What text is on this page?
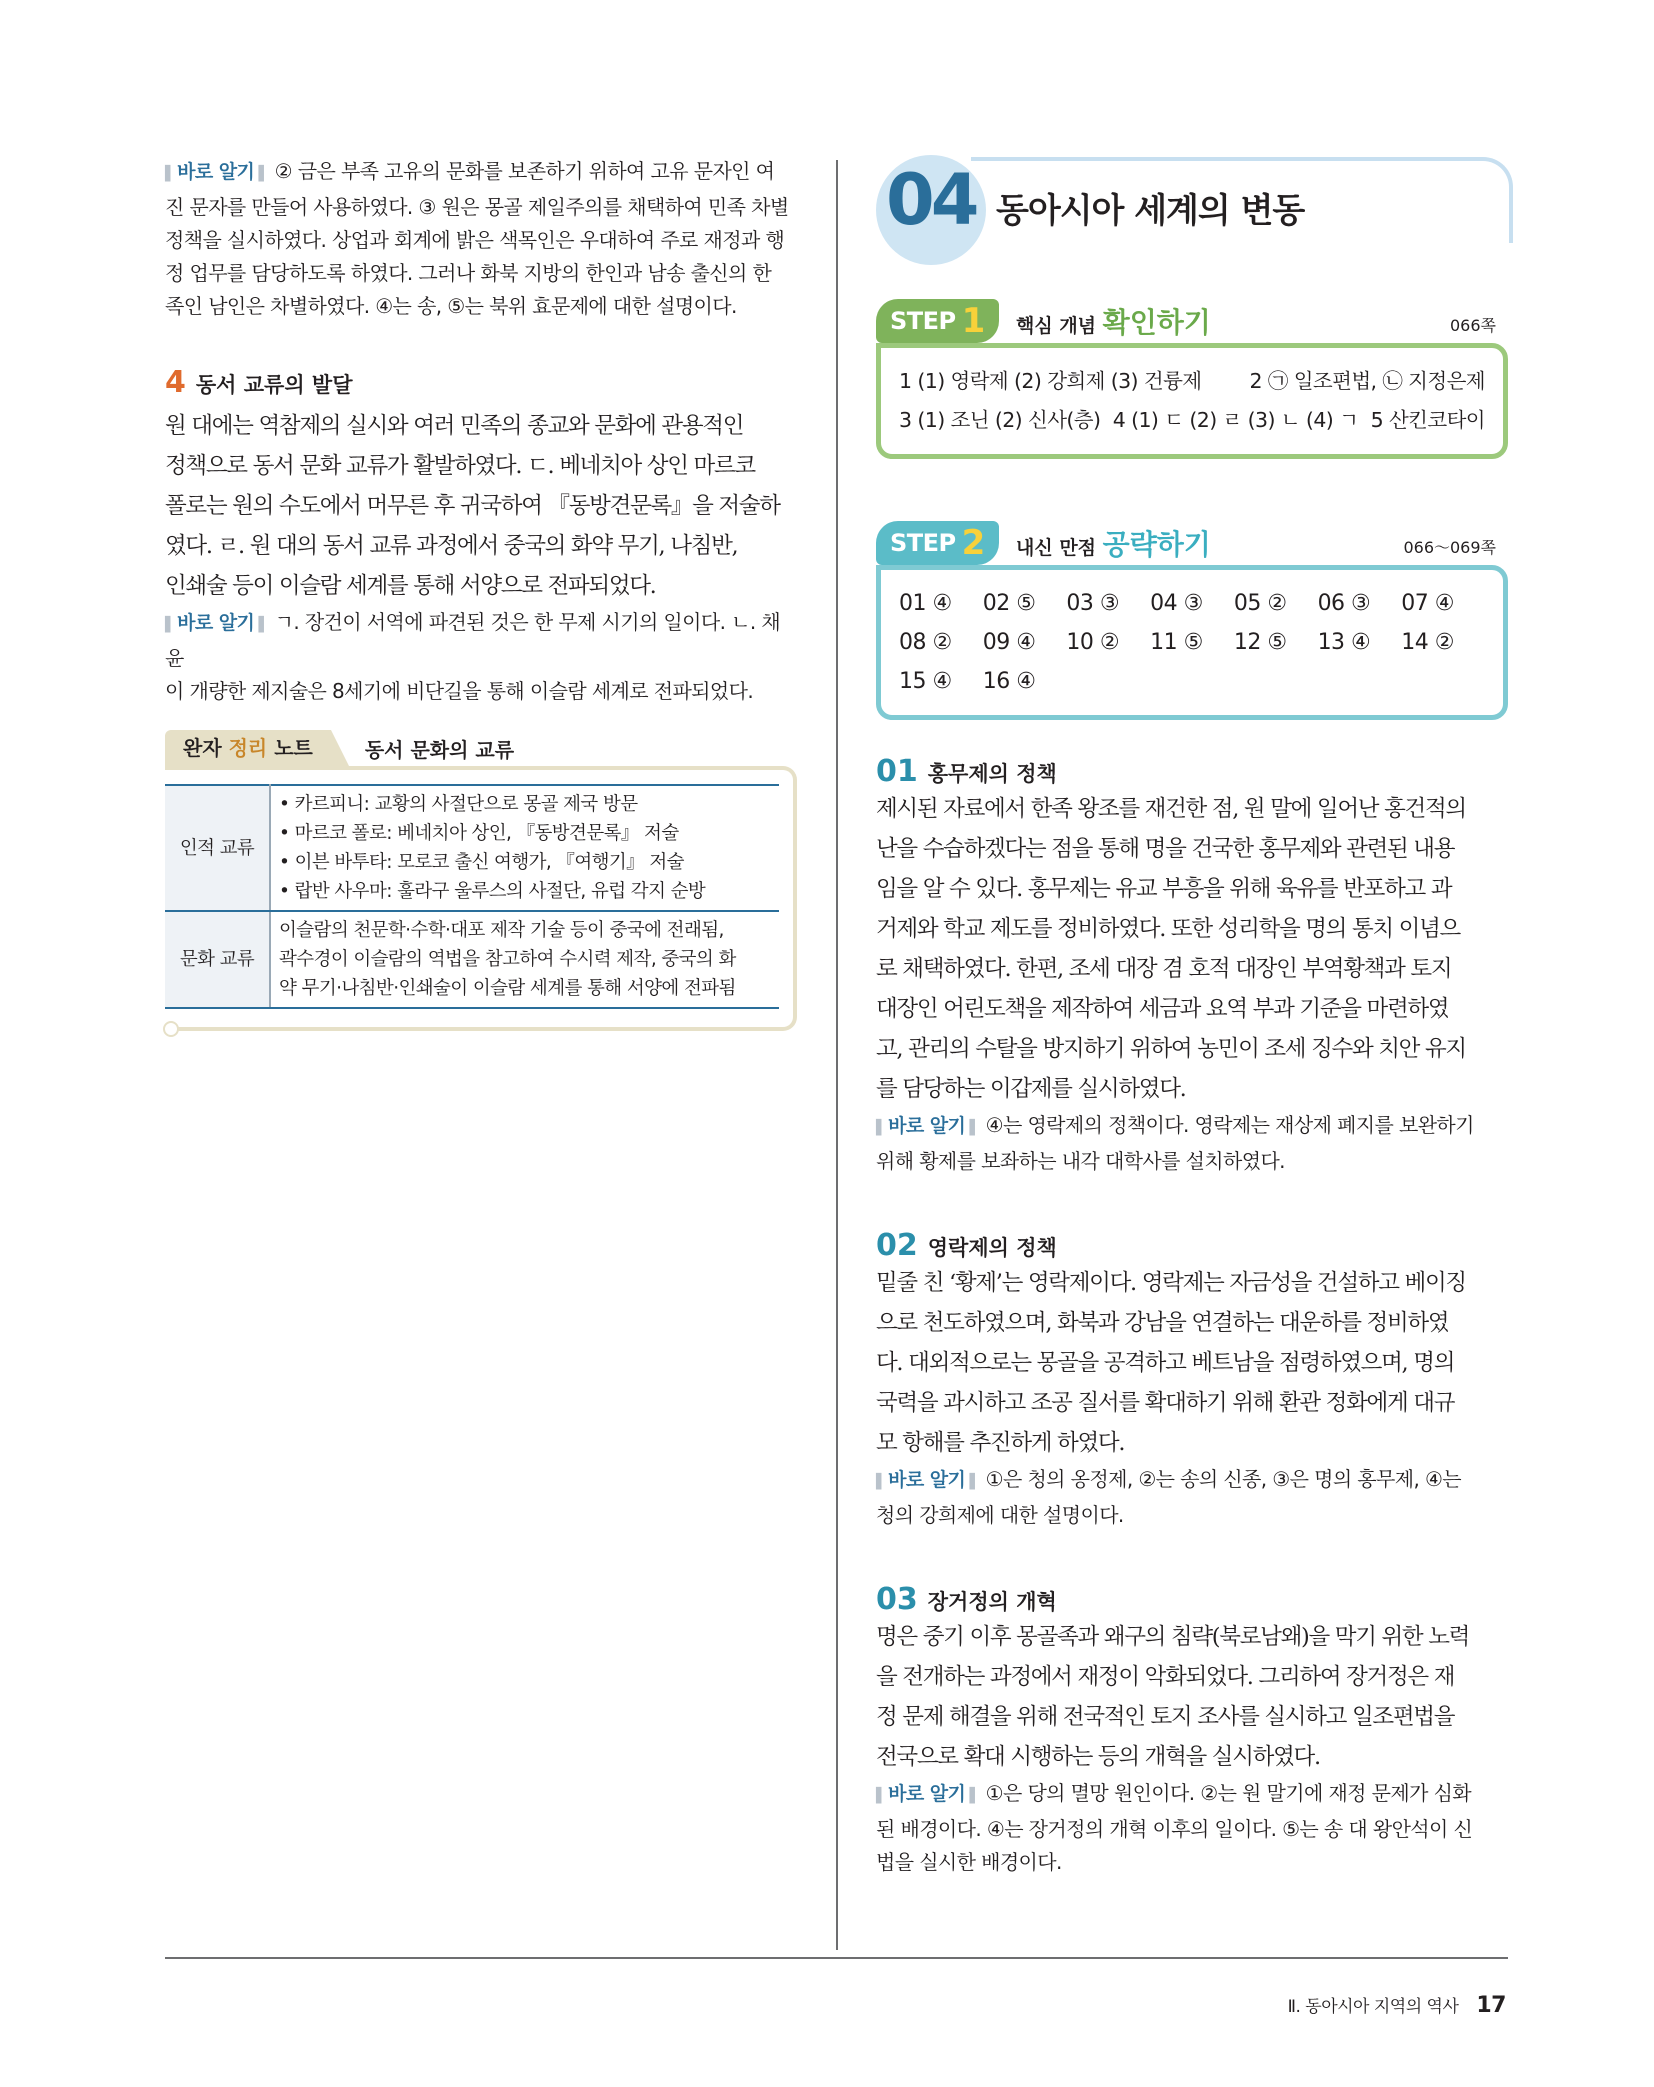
▌ 바로 알기 ▌ ② 금은 부족 고유의 문화를 보존하기 위하여 고유 문자인 여
진 문자를 만들어 사용하였다. ③ 원은 몽골 제일주의를 채택하여 민족 차별
정책을 실시하였다. 상업과 회계에 밝은 색목인은 우대하여 주로 재정과 행
정 업무를 담당하도록 하였다. 그러나 화북 지방의 한인과 남송 출신의 한
족인 남인은 차별하였다. ④는 송, ⑤는 북위 효문제에 대한 설명이다.
4 동서 교류의 발달
원 대에는 역참제의 실시와 여러 민족의 종교와 문화에 관용적인
정책으로 동서 문화 교류가 활발하였다. ㄷ. 베네치아 상인 마르코
폴로는 원의 수도에서 머무른 후 귀국하여 『동방견문록』을 저술하
였다. ㄹ. 원 대의 동서 교류 과정에서 중국의 화약 무기, 나침반,
인쇄술 등이 이슬람 세계를 통해 서양으로 전파되었다.
▌ 바로 알기 ▌ ㄱ. 장건이 서역에 파견된 것은 한 무제 시기의 일이다. ㄴ. 채윤
이 개량한 제지술은 8세기에 비단길을 통해 이슬람 세계로 전파되었다.
완자 정리 노트	동서 문화의 교류
인적 교류	• 카르피니: 교황의 사절단으로 몽골 제국 방문
• 마르코 폴로: 베네치아 상인, 『동방견문록』 저술
• 이븐 바투타: 모로코 출신 여행가, 『여행기』 저술
• 랍반 사우마: 훌라구 울루스의 사절단, 유럽 각지 순방

문화 교류	이슬람의 천문학·수학·대포 제작 기술 등이 중국에 전래됨,
곽수경이 이슬람의 역법을 참고하여 수시력 제작, 중국의 화
약 무기·나침반·인쇄술이 이슬람 세계를 통해 서양에 전파됨
04 동아시아 세계의 변동
STEP 1 핵심 개념 확인하기	066쪽
1 (1) 영락제 (2) 강희제 (3) 건륭제 2 ㉠ 일조편법, ㉡ 지정은제
3 (1) 조닌 (2) 신사(층) 4 (1) ㄷ (2) ㄹ (3) ㄴ (4) ㄱ 5 산킨코타이
STEP 2 내신 만점 공략하기	066～069쪽
01 ④	02 ⑤	03 ③	04 ③	05 ②	06 ③	07 ④
08 ②	09 ④	10 ②	11 ⑤	12 ⑤	13 ④	14 ②
15 ④	16 ④
01 홍무제의 정책
제시된 자료에서 한족 왕조를 재건한 점, 원 말에 일어난 홍건적의
난을 수습하겠다는 점을 통해 명을 건국한 홍무제와 관련된 내용
임을 알 수 있다. 홍무제는 유교 부흥을 위해 육유를 반포하고 과
거제와 학교 제도를 정비하였다. 또한 성리학을 명의 통치 이념으
로 채택하였다. 한편, 조세 대장 겸 호적 대장인 부역황책과 토지
대장인 어린도책을 제작하여 세금과 요역 부과 기준을 마련하였
고, 관리의 수탈을 방지하기 위하여 농민이 조세 징수와 치안 유지
를 담당하는 이갑제를 실시하였다.
▌ 바로 알기 ▌ ④는 영락제의 정책이다. 영락제는 재상제 폐지를 보완하기
위해 황제를 보좌하는 내각 대학사를 설치하였다.
02 영락제의 정책
밑줄 친 ‘황제’는 영락제이다. 영락제는 자금성을 건설하고 베이징
으로 천도하였으며, 화북과 강남을 연결하는 대운하를 정비하였
다. 대외적으로는 몽골을 공격하고 베트남을 점령하였으며, 명의
국력을 과시하고 조공 질서를 확대하기 위해 환관 정화에게 대규
모 항해를 추진하게 하였다.
▌ 바로 알기 ▌ ①은 청의 옹정제, ②는 송의 신종, ③은 명의 홍무제, ④는
청의 강희제에 대한 설명이다.
03 장거정의 개혁
명은 중기 이후 몽골족과 왜구의 침략(북로남왜)을 막기 위한 노력
을 전개하는 과정에서 재정이 악화되었다. 그리하여 장거정은 재
정 문제 해결을 위해 전국적인 토지 조사를 실시하고 일조편법을
전국으로 확대 시행하는 등의 개혁을 실시하였다.
▌ 바로 알기 ▌ ①은 당의 멸망 원인이다. ②는 원 말기에 재정 문제가 심화
된 배경이다. ④는 장거정의 개혁 이후의 일이다. ⑤는 송 대 왕안석이 신
법을 실시한 배경이다.
Ⅱ. 동아시아 지역의 역사 17
